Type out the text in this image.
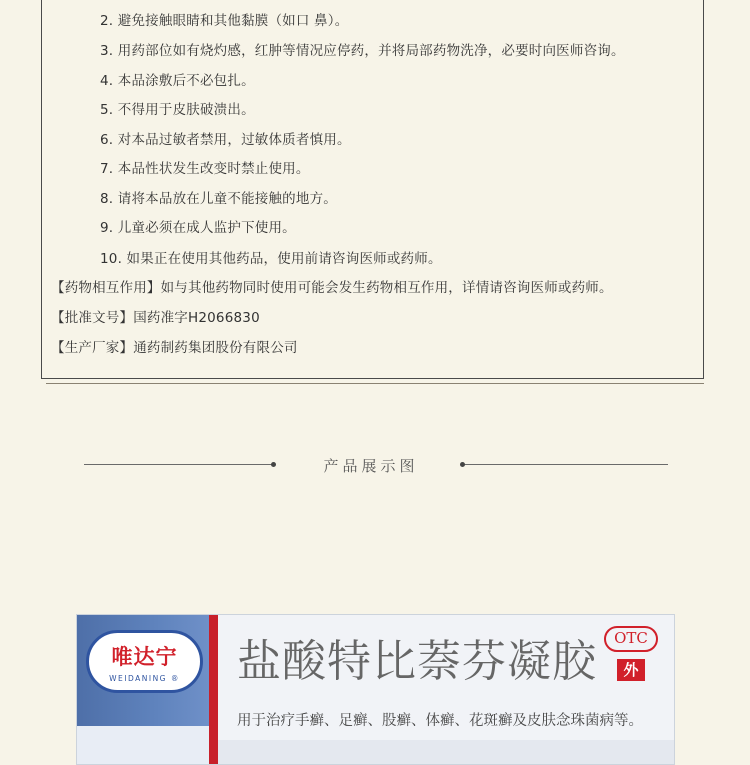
2. 避免接触眼睛和其他黏膜（如口 鼻）。
3. 用药部位如有烧灼感，红肿等情况应停药，并将局部药物洗净，必要时向医师咨询。
4. 本品涂敷后不必包扎。
5. 不得用于皮肤破溃出。
6. 对本品过敏者禁用，过敏体质者慎用。
7. 本品性状发生改变时禁止使用。
8. 请将本品放在儿童不能接触的地方。
9. 儿童必须在成人监护下使用。
10. 如果正在使用其他药品，使用前请咨询医师或药师。
【药物相互作用】如与其他药物同时使用可能会发生药物相互作用，详情请咨询医师或药师。
【批准文号】国药准字H2066830
【生产厂家】通药制药集团股份有限公司
产品展示图
唯达宁
WEIDANING ®	盐酸特比萘芬凝胶	OTC
外
用于治疗手癣、足癣、股癣、体癣、花斑癣及皮肤念珠菌病等。
